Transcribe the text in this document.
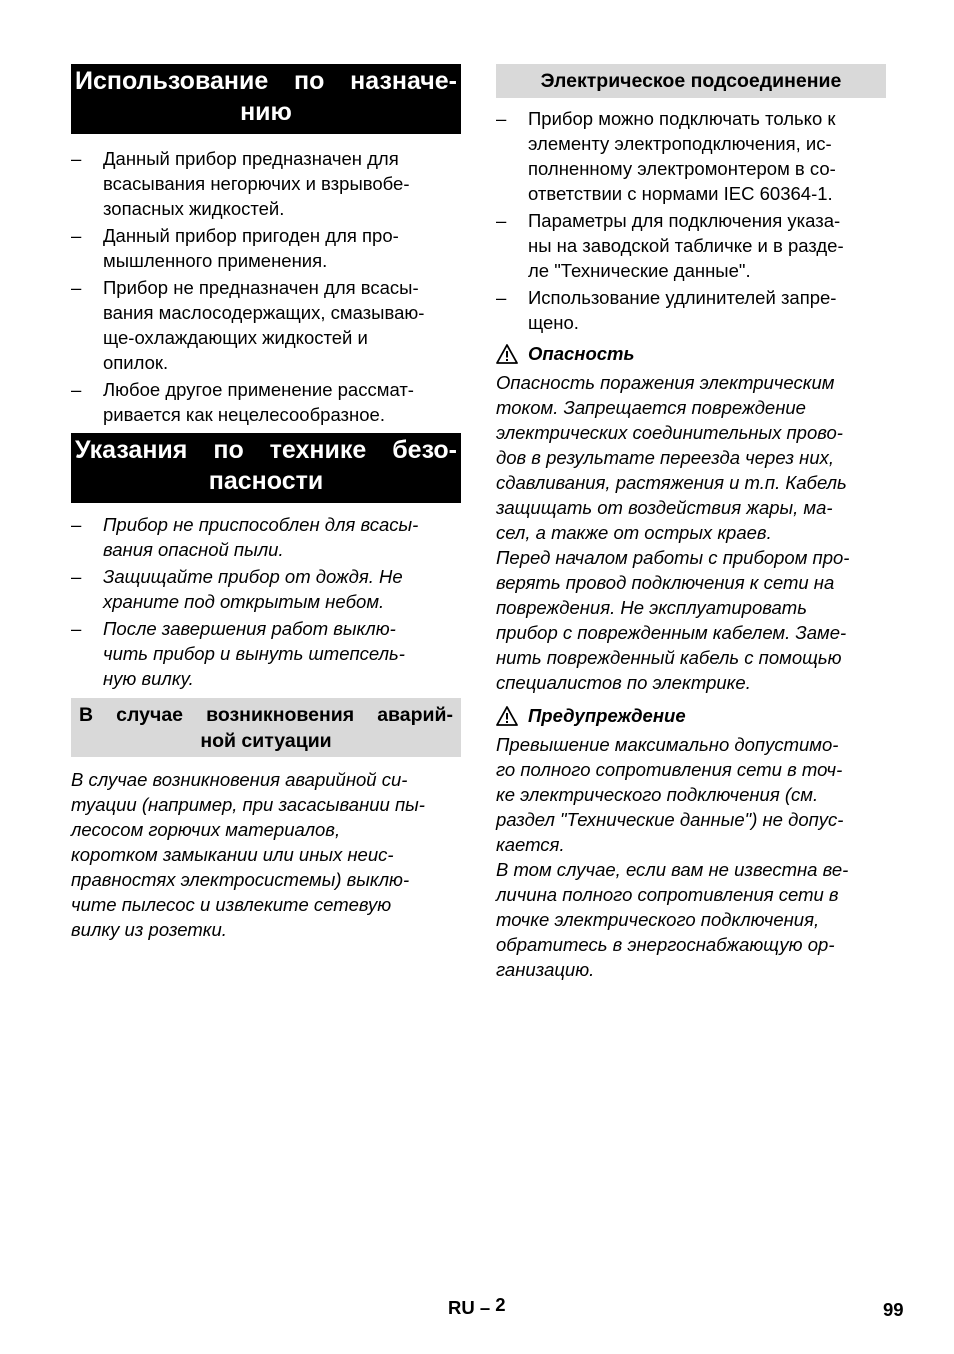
Использование по назначе-
нию
– Данный прибор предназначен для
всасывания негорючих и взрывобе-
зопасных жидкостей.
– Данный прибор пригоден для про-
мышленного применения.
– Прибор не предназначен для всасы-
вания маслосодержащих, смазываю-
ще-охлаждающих жидкостей и
опилок.
– Любое другое применение рассмат-
ривается как нецелесообразное.
Указания по технике безо-
пасности
– Прибор не приспособлен для всасы-
вания опасной пыли.
– Защищайте прибор от дождя. Не
храните под открытым небом.
– После завершения работ выклю-
чить прибор и вынуть штепсель-
ную вилку.
В случае возникновения аварий-
ной ситуации
В случае возникновения аварийной си-
туации (например, при засасывании пы-
лесосом горючих материалов,
коротком замыкании или иных неис-
правностях электросистемы) выклю-
чите пылесос и извлеките сетевую
вилку из розетки.
Электрическое подсоединение
– Прибор можно подключать только к
элементу электроподключения, ис-
полненному электромонтером в со-
ответствии с нормами IEC 60364-1.
– Параметры для подключения указа-
ны на заводской табличке и в разде-
ле "Технические данные".
– Использование удлинителей запре-
щено.
Опасность
Опасность поражения электрическим
током. Запрещается повреждение
электрических соединительных прово-
дов в результате переезда через них,
сдавливания, растяжения и т.п. Кабель
защищать от воздействия жары, ма-
сел, а также от острых краев.
Перед началом работы с прибором про-
верять провод подключения к сети на
повреждения. Не эксплуатировать
прибор с поврежденным кабелем. Заме-
нить поврежденный кабель с помощью
специалистов по электрике.
Предупреждение
Превышение максимально допустимо-
го полного сопротивления сети в точ-
ке электрического подключения (см.
раздел "Технические данные") не допус-
кается.
В том случае, если вам не известна ве-
личина полного сопротивления сети в
точке электрического подключения,
обратитесь в энергоснабжающую ор-
ганизацию.
RU – 2	99
